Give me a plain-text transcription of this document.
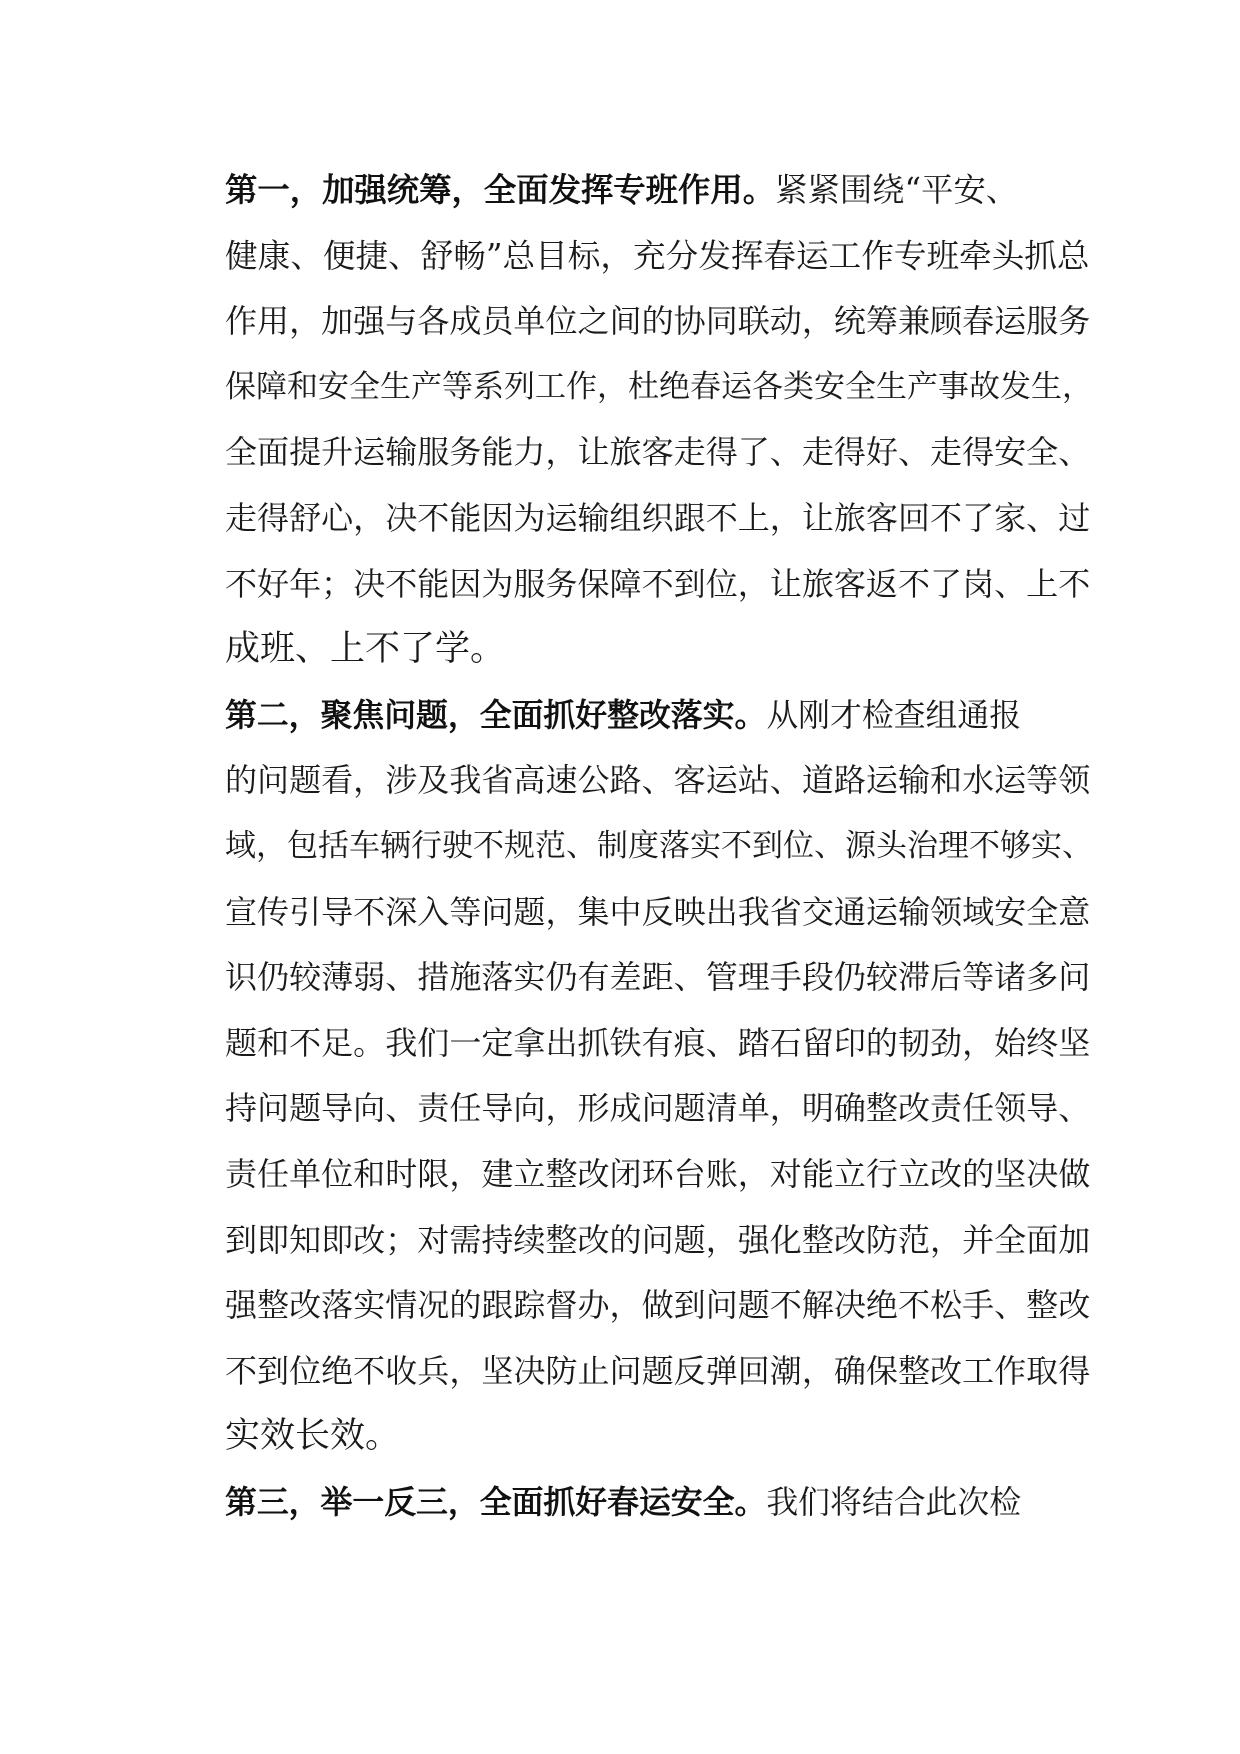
第一，加强统筹，全面发挥专班作用。紧紧围绕“平安、
健康、便捷、舒畅”总目标，充分发挥春运工作专班牵头抓总
作用，加强与各成员单位之间的协同联动，统筹兼顾春运服务
保障和安全生产等系列工作，杜绝春运各类安全生产事故发生，
全面提升运输服务能力，让旅客走得了、走得好、走得安全、
走得舒心，决不能因为运输组织跟不上，让旅客回不了家、过
不好年；决不能因为服务保障不到位，让旅客返不了岗、上不
成班、上不了学。

第二，聚焦问题，全面抓好整改落实。从刚才检查组通报
的问题看，涉及我省高速公路、客运站、道路运输和水运等领
域，包括车辆行驶不规范、制度落实不到位、源头治理不够实、
宣传引导不深入等问题，集中反映出我省交通运输领域安全意
识仍较薄弱、措施落实仍有差距、管理手段仍较滞后等诸多问
题和不足。我们一定拿出抓铁有痕、踏石留印的韧劲，始终坚
持问题导向、责任导向，形成问题清单，明确整改责任领导、
责任单位和时限，建立整改闭环台账，对能立行立改的坚决做
到即知即改；对需持续整改的问题，强化整改防范，并全面加
强整改落实情况的跟踪督办，做到问题不解决绝不松手、整改
不到位绝不收兵，坚决防止问题反弹回潮，确保整改工作取得
实效长效。

第三，举一反三，全面抓好春运安全。我们将结合此次检
